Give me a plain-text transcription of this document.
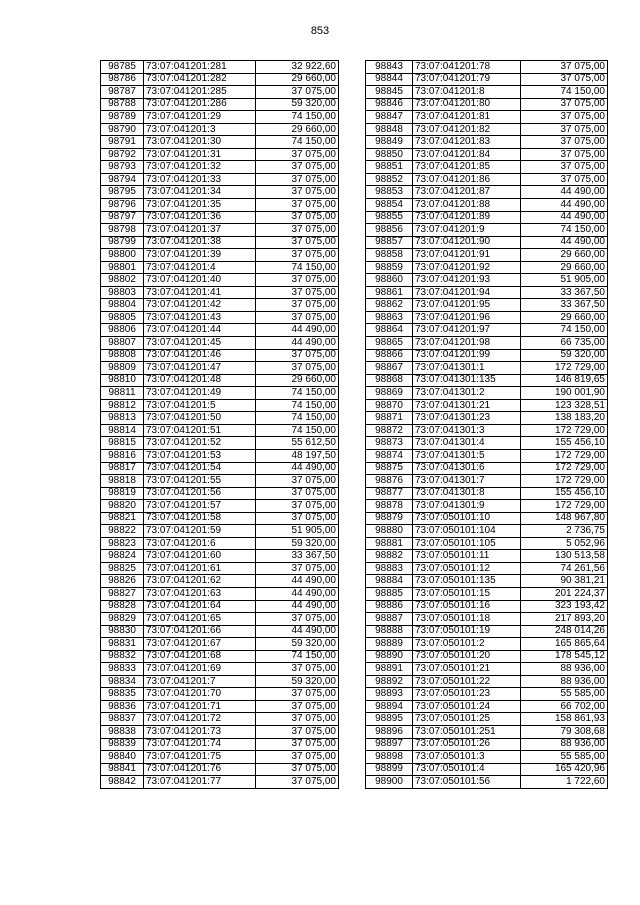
853
98785	73:07:041201:281	32 922,60
98786	73:07:041201:282	29 660,00
98787	73:07:041201:285	37 075,00
98788	73:07:041201:286	59 320,00
98789	73:07:041201:29	74 150,00
98790	73:07:041201:3	29 660,00
98791	73:07:041201:30	74 150,00
98792	73:07:041201:31	37 075,00
98793	73:07:041201:32	37 075,00
98794	73:07:041201:33	37 075,00
98795	73:07:041201:34	37 075,00
98796	73:07:041201:35	37 075,00
98797	73:07:041201:36	37 075,00
98798	73:07:041201:37	37 075,00
98799	73:07:041201:38	37 075,00
98800	73:07:041201:39	37 075,00
98801	73:07:041201:4	74 150,00
98802	73:07:041201:40	37 075,00
98803	73:07:041201:41	37 075,00
98804	73:07:041201:42	37 075,00
98805	73:07:041201:43	37 075,00
98806	73:07:041201:44	44 490,00
98807	73:07:041201:45	44 490,00
98808	73:07:041201:46	37 075,00
98809	73:07:041201:47	37 075,00
98810	73:07:041201:48	29 660,00
98811	73:07:041201:49	74 150,00
98812	73:07:041201:5	74 150,00
98813	73:07:041201:50	74 150,00
98814	73:07:041201:51	74 150,00
98815	73:07:041201:52	55 612,50
98816	73:07:041201:53	48 197,50
98817	73:07:041201:54	44 490,00
98818	73:07:041201:55	37 075,00
98819	73:07:041201:56	37 075,00
98820	73:07:041201:57	37 075,00
98821	73:07:041201:58	37 075,00
98822	73:07:041201:59	51 905,00
98823	73:07:041201:6	59 320,00
98824	73:07:041201:60	33 367,50
98825	73:07:041201:61	37 075,00
98826	73:07:041201:62	44 490,00
98827	73:07:041201:63	44 490,00
98828	73:07:041201:64	44 490,00
98829	73:07:041201:65	37 075,00
98830	73:07:041201:66	44 490,00
98831	73:07:041201:67	59 320,00
98832	73:07:041201:68	74 150,00
98833	73:07:041201:69	37 075,00
98834	73:07:041201:7	59 320,00
98835	73:07:041201:70	37 075,00
98836	73:07:041201:71	37 075,00
98837	73:07:041201:72	37 075,00
98838	73:07:041201:73	37 075,00
98839	73:07:041201:74	37 075,00
98840	73:07:041201:75	37 075,00
98841	73:07:041201:76	37 075,00
98842	73:07:041201:77	37 075,00
98843	73:07:041201:78	37 075,00
98844	73:07:041201:79	37 075,00
98845	73:07:041201:8	74 150,00
98846	73:07:041201:80	37 075,00
98847	73:07:041201:81	37 075,00
98848	73:07:041201:82	37 075,00
98849	73:07:041201:83	37 075,00
98850	73:07:041201:84	37 075,00
98851	73:07:041201:85	37 075,00
98852	73:07:041201:86	37 075,00
98853	73:07:041201:87	44 490,00
98854	73:07:041201:88	44 490,00
98855	73:07:041201:89	44 490,00
98856	73:07:041201:9	74 150,00
98857	73:07:041201:90	44 490,00
98858	73:07:041201:91	29 660,00
98859	73:07:041201:92	29 660,00
98860	73:07:041201:93	51 905,00
98861	73:07:041201:94	33 367,50
98862	73:07:041201:95	33 367,50
98863	73:07:041201:96	29 660,00
98864	73:07:041201:97	74 150,00
98865	73:07:041201:98	66 735,00
98866	73:07:041201:99	59 320,00
98867	73:07:041301:1	172 729,00
98868	73:07:041301:135	146 819,65
98869	73:07:041301:2	190 001,90
98870	73:07:041301:21	123 328,51
98871	73:07:041301:23	138 183,20
98872	73:07:041301:3	172 729,00
98873	73:07:041301:4	155 456,10
98874	73:07:041301:5	172 729,00
98875	73:07:041301:6	172 729,00
98876	73:07:041301:7	172 729,00
98877	73:07:041301:8	155 456,10
98878	73:07:041301:9	172 729,00
98879	73:07:050101:10	148 967,80
98880	73:07:050101:104	2 736,75
98881	73:07:050101:105	5 052,96
98882	73:07:050101:11	130 513,58
98883	73:07:050101:12	74 261,56
98884	73:07:050101:135	90 381,21
98885	73:07:050101:15	201 224,37
98886	73:07:050101:16	323 193,42
98887	73:07:050101:18	217 893,20
98888	73:07:050101:19	248 014,26
98889	73:07:050101:2	165 865,64
98890	73:07:050101:20	178 545,12
98891	73:07:050101:21	88 936,00
98892	73:07:050101:22	88 936,00
98893	73:07:050101:23	55 585,00
98894	73:07:050101:24	66 702,00
98895	73:07:050101:25	158 861,93
98896	73:07:050101:251	79 308,68
98897	73:07:050101:26	88 936,00
98898	73:07:050101:3	55 585,00
98899	73:07:050101:4	165 420,96
98900	73:07:050101:56	1 722,60
